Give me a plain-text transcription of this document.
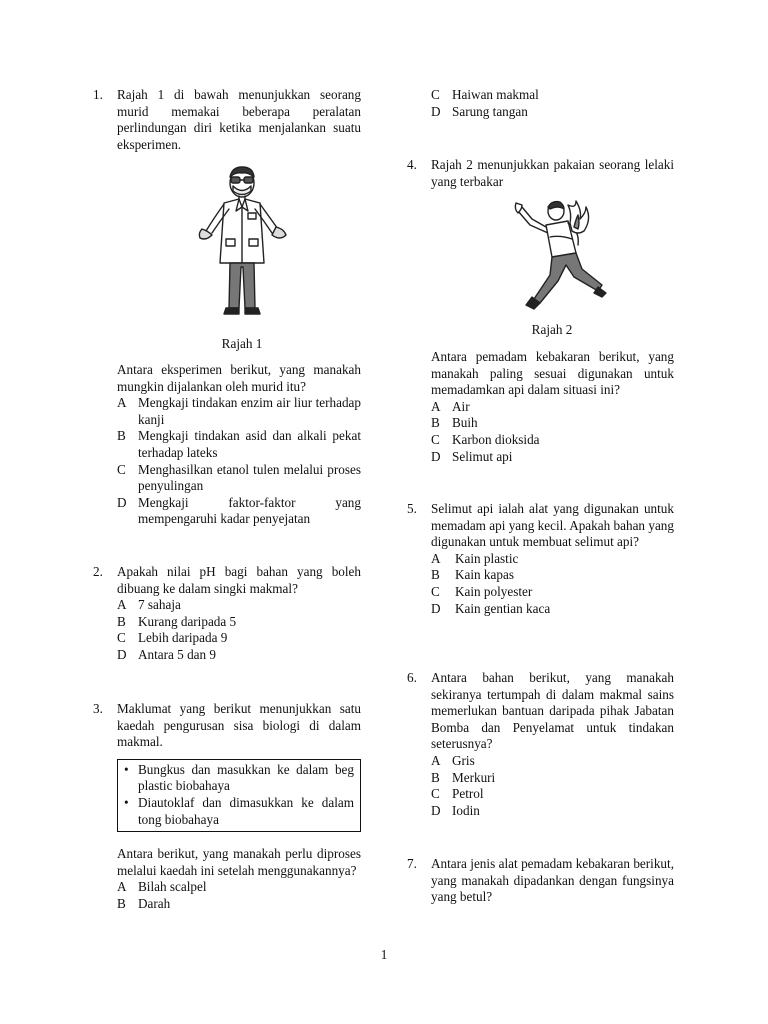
1. Rajah 1 di bawah menunjukkan seorang murid memakai beberapa peralatan perlindungan diri ketika menjalankan suatu eksperimen.
Rajah 1
Antara eksperimen berikut, yang manakah mungkin dijalankan oleh murid itu?
A Mengkaji tindakan enzim air liur terhadap kanji
B Mengkaji tindakan asid dan alkali pekat terhadap lateks
C Menghasilkan etanol tulen melalui proses penyulingan
D Mengkaji faktor-faktor yang mempengaruhi kadar penyejatan
2. Apakah nilai pH bagi bahan yang boleh dibuang ke dalam singki makmal?
A 7 sahaja
B Kurang daripada 5
C Lebih daripada 9
D Antara 5 dan 9
3. Maklumat yang berikut menunjukkan satu kaedah pengurusan sisa biologi di dalam makmal.
• Bungkus dan masukkan ke dalam beg plastic biobahaya
• Diautoklaf dan dimasukkan ke dalam tong biobahaya
Antara berikut, yang manakah perlu diproses melalui kaedah ini setelah menggunakannya?
A Bilah scalpel
B Darah
C Haiwan makmal
D Sarung tangan
4. Rajah 2 menunjukkan pakaian seorang lelaki yang terbakar
Rajah 2
Antara pemadam kebakaran berikut, yang manakah paling sesuai digunakan untuk memadamkan api dalam situasi ini?
A Air
B Buih
C Karbon dioksida
D Selimut api
5. Selimut api ialah alat yang digunakan untuk memadam api yang kecil. Apakah bahan yang digunakan untuk membuat selimut api?
A Kain plastic
B Kain kapas
C Kain polyester
D Kain gentian kaca
6. Antara bahan berikut, yang manakah sekiranya tertumpah di dalam makmal sains memerlukan bantuan daripada pihak Jabatan Bomba dan Penyelamat untuk tindakan seterusnya?
A Gris
B Merkuri
C Petrol
D Iodin
7. Antara jenis alat pemadam kebakaran berikut, yang manakah dipadankan dengan fungsinya yang betul?
1
